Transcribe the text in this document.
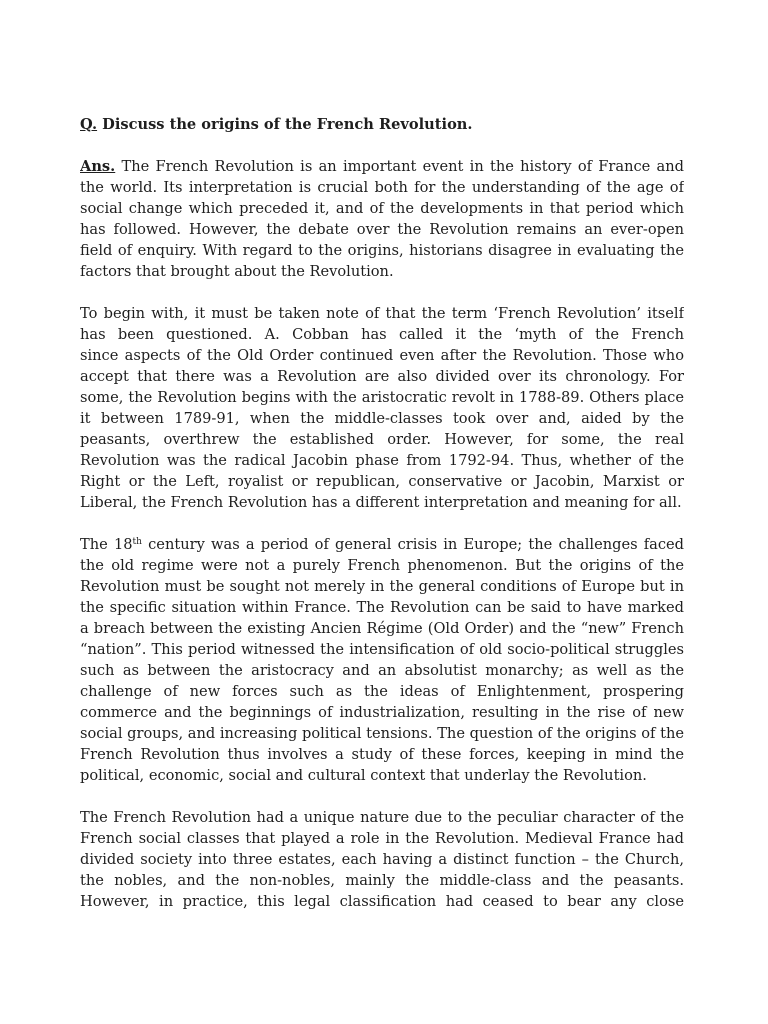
Q. Discuss the origins of the French Revolution.

Ans. The French Revolution is an important event in the history of France and
the world. Its interpretation is crucial both for the understanding of the age of
social change which preceded it, and of the developments in that period which
has followed. However, the debate over the Revolution remains an ever-open
field of enquiry. With regard to the origins, historians disagree in evaluating the
factors that brought about the Revolution.

To begin with, it must be taken note of that the term ‘French Revolution’ itself
has been questioned. A. Cobban has called it the ‘myth of the French
since aspects of the Old Order continued even after the Revolution. Those who
accept that there was a Revolution are also divided over its chronology. For
some, the Revolution begins with the aristocratic revolt in 1788-89. Others place
it between 1789-91, when the middle-classes took over and, aided by the
peasants, overthrew the established order. However, for some, the real
Revolution was the radical Jacobin phase from 1792-94. Thus, whether of the
Right or the Left, royalist or republican, conservative or Jacobin, Marxist or
Liberal, the French Revolution has a different interpretation and meaning for all.

The 18th century was a period of general crisis in Europe; the challenges faced
the old regime were not a purely French phenomenon. But the origins of the
Revolution must be sought not merely in the general conditions of Europe but in
the specific situation within France. The Revolution can be said to have marked
a breach between the existing Ancien Régime (Old Order) and the “new” French
“nation”. This period witnessed the intensification of old socio-political struggles
such as between the aristocracy and an absolutist monarchy; as well as the
challenge of new forces such as the ideas of Enlightenment, prospering
commerce and the beginnings of industrialization, resulting in the rise of new
social groups, and increasing political tensions. The question of the origins of the
French Revolution thus involves a study of these forces, keeping in mind the
political, economic, social and cultural context that underlay the Revolution.

The French Revolution had a unique nature due to the peculiar character of the
French social classes that played a role in the Revolution. Medieval France had
divided society into three estates, each having a distinct function – the Church,
the nobles, and the non-nobles, mainly the middle-class and the peasants.
However, in practice, this legal classification had ceased to bear any close
